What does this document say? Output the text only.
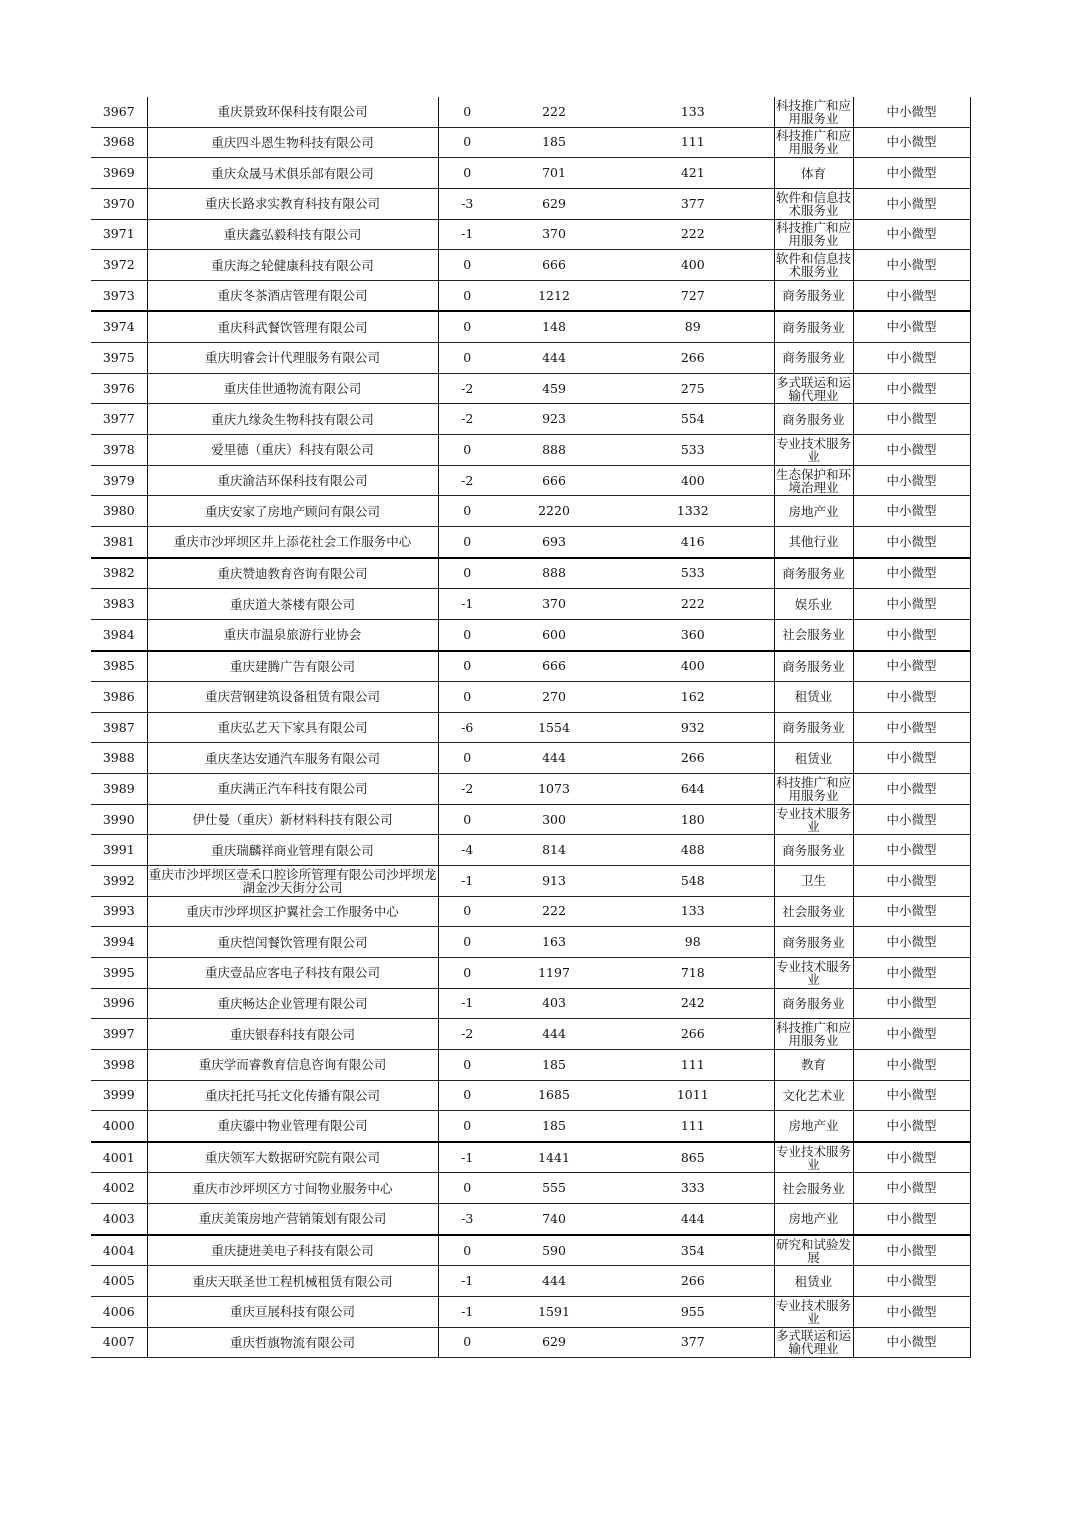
3967	重庆景致环保科技有限公司	0	222	133	科技推广和应用服务业	中小微型
3968	重庆四斗恩生物科技有限公司	0	185	111	科技推广和应用服务业	中小微型
3969	重庆众晟马术俱乐部有限公司	0	701	421	体育	中小微型
3970	重庆长路求实教育科技有限公司	-3	629	377	软件和信息技术服务业	中小微型
3971	重庆鑫弘毅科技有限公司	-1	370	222	科技推广和应用服务业	中小微型
3972	重庆海之轮健康科技有限公司	0	666	400	软件和信息技术服务业	中小微型
3973	重庆冬茶酒店管理有限公司	0	1212	727	商务服务业	中小微型
3974	重庆科武餐饮管理有限公司	0	148	89	商务服务业	中小微型
3975	重庆明睿会计代理服务有限公司	0	444	266	商务服务业	中小微型
3976	重庆佳世通物流有限公司	-2	459	275	多式联运和运输代理业	中小微型
3977	重庆九缘灸生物科技有限公司	-2	923	554	商务服务业	中小微型
3978	爱里德（重庆）科技有限公司	0	888	533	专业技术服务业	中小微型
3979	重庆渝洁环保科技有限公司	-2	666	400	生态保护和环境治理业	中小微型
3980	重庆安家了房地产顾问有限公司	0	2220	1332	房地产业	中小微型
3981	重庆市沙坪坝区井上添花社会工作服务中心	0	693	416	其他行业	中小微型
3982	重庆赞迪教育咨询有限公司	0	888	533	商务服务业	中小微型
3983	重庆道大茶楼有限公司	-1	370	222	娱乐业	中小微型
3984	重庆市温泉旅游行业协会	0	600	360	社会服务业	中小微型
3985	重庆建腾广告有限公司	0	666	400	商务服务业	中小微型
3986	重庆营钢建筑设备租赁有限公司	0	270	162	租赁业	中小微型
3987	重庆弘艺天下家具有限公司	-6	1554	932	商务服务业	中小微型
3988	重庆垄达安通汽车服务有限公司	0	444	266	租赁业	中小微型
3989	重庆满正汽车科技有限公司	-2	1073	644	科技推广和应用服务业	中小微型
3990	伊仕曼（重庆）新材料科技有限公司	0	300	180	专业技术服务业	中小微型
3991	重庆瑞麟祥商业管理有限公司	-4	814	488	商务服务业	中小微型
3992	重庆市沙坪坝区壹禾口腔诊所管理有限公司沙坪坝龙湖金沙天街分公司	-1	913	548	卫生	中小微型
3993	重庆市沙坪坝区护翼社会工作服务中心	0	222	133	社会服务业	中小微型
3994	重庆恺闰餐饮管理有限公司	0	163	98	商务服务业	中小微型
3995	重庆壹品应客电子科技有限公司	0	1197	718	专业技术服务业	中小微型
3996	重庆畅达企业管理有限公司	-1	403	242	商务服务业	中小微型
3997	重庆银春科技有限公司	-2	444	266	科技推广和应用服务业	中小微型
3998	重庆学而睿教育信息咨询有限公司	0	185	111	教育	中小微型
3999	重庆托托马托文化传播有限公司	0	1685	1011	文化艺术业	中小微型
4000	重庆鎏中物业管理有限公司	0	185	111	房地产业	中小微型
4001	重庆领军大数据研究院有限公司	-1	1441	865	专业技术服务业	中小微型
4002	重庆市沙坪坝区方寸间物业服务中心	0	555	333	社会服务业	中小微型
4003	重庆美策房地产营销策划有限公司	-3	740	444	房地产业	中小微型
4004	重庆捷进美电子科技有限公司	0	590	354	研究和试验发展	中小微型
4005	重庆天联圣世工程机械租赁有限公司	-1	444	266	租赁业	中小微型
4006	重庆亘展科技有限公司	-1	1591	955	专业技术服务业	中小微型
4007	重庆哲旗物流有限公司	0	629	377	多式联运和运输代理业	中小微型
